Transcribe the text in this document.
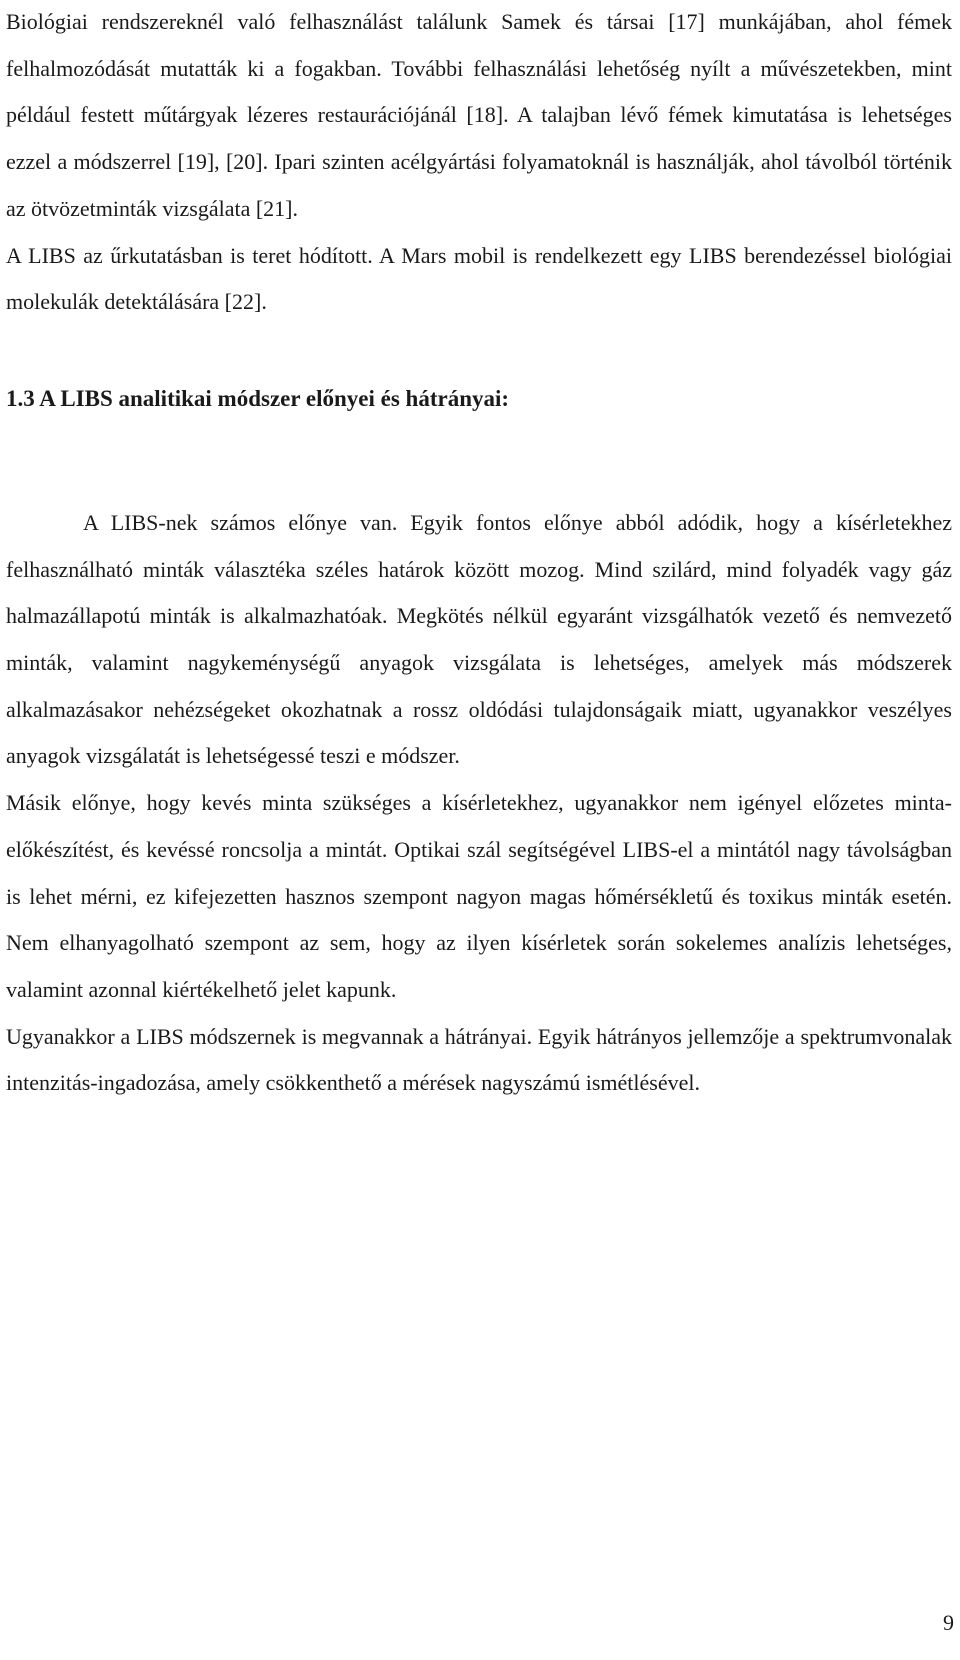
Biológiai rendszereknél való felhasználást találunk Samek és társai [17] munkájában, ahol fémek felhalmozódását mutatták ki a fogakban. További felhasználási lehetőség nyílt a művészetekben, mint például festett műtárgyak lézeres restaurációjánál [18]. A talajban lévő fémek kimutatása is lehetséges ezzel a módszerrel [19], [20]. Ipari szinten acélgyártási folyamatoknál is használják, ahol távolból történik az ötvözetminták vizsgálata [21].

A LIBS az űrkutatásban is teret hódított. A Mars mobil is rendelkezett egy LIBS berendezéssel biológiai molekulák detektálására [22].

1.3 A LIBS analitikai módszer előnyei és hátrányai:

A LIBS-nek számos előnye van. Egyik fontos előnye abból adódik, hogy a kísérletekhez felhasználható minták választéka széles határok között mozog. Mind szilárd, mind folyadék vagy gáz halmazállapotú minták is alkalmazhatóak. Megkötés nélkül egyaránt vizsgálhatók vezető és nemvezető minták, valamint nagykeménységű anyagok vizsgálata is lehetséges, amelyek más módszerek alkalmazásakor nehézségeket okozhatnak a rossz oldódási tulajdonságaik miatt, ugyanakkor veszélyes anyagok vizsgálatát is lehetségessé teszi e módszer.

Másik előnye, hogy kevés minta szükséges a kísérletekhez, ugyanakkor nem igényel előzetes minta-előkészítést, és kevéssé roncsolja a mintát. Optikai szál segítségével LIBS-el a mintától nagy távolságban is lehet mérni, ez kifejezetten hasznos szempont nagyon magas hőmérsékletű és toxikus minták esetén. Nem elhanyagolható szempont az sem, hogy az ilyen kísérletek során sokelemes analízis lehetséges, valamint azonnal kiértékelhető jelet kapunk.

Ugyanakkor a LIBS módszernek is megvannak a hátrányai. Egyik hátrányos jellemzője a spektrumvonalak intenzitás-ingadozása, amely csökkenthető a mérések nagyszámú ismétlésével.

9
